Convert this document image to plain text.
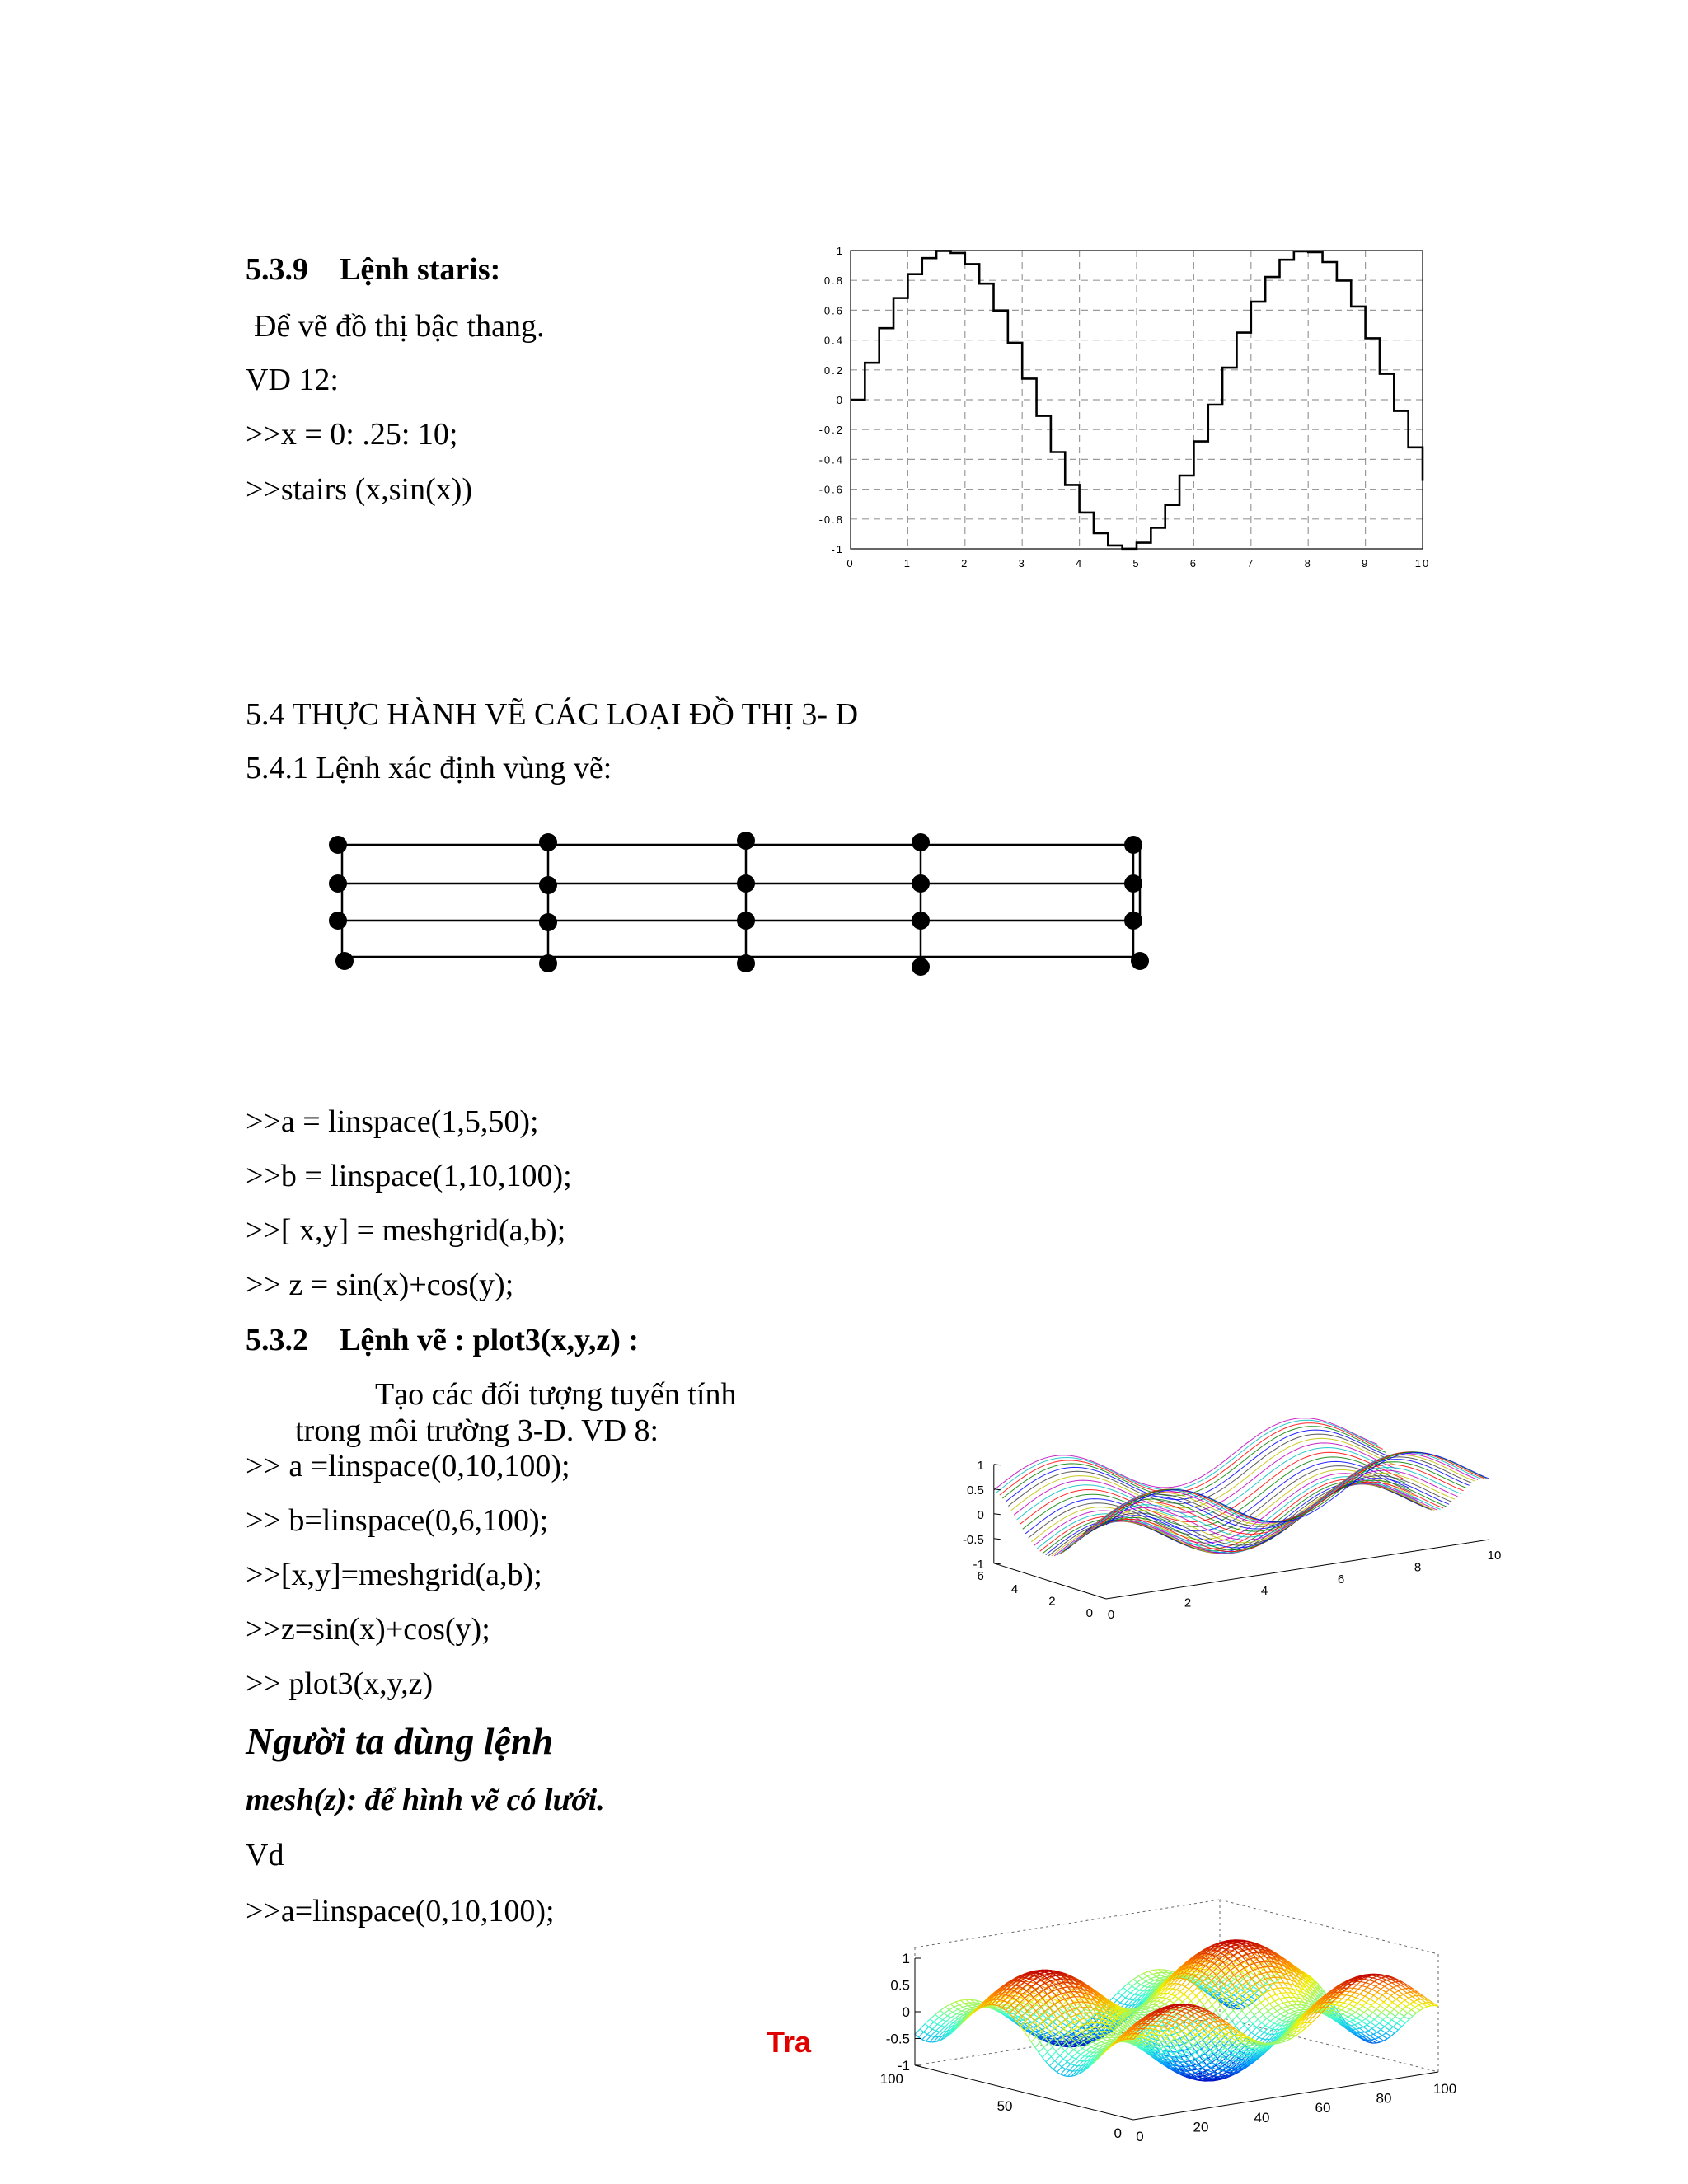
5.3.9 Lệnh staris:
Để vẽ đồ thị bậc thang.
VD 12:
>>x = 0: .25: 10;
>>stairs (x,sin(x))
0	1	2	3	4	5	6	7	8	9	10
1
0.8
0.6
0.4
0.2
0
-0.2
-0.4
-0.6
-0.8
-1
5.4 THỰC HÀNH VẼ CÁC LOẠI ĐỒ THỊ 3- D
5.4.1 Lệnh xác định vùng vẽ:
>>a = linspace(1,5,50);
>>b = linspace(1,10,100);
>>[ x,y] = meshgrid(a,b);
>> z = sin(x)+cos(y);
5.3.2 Lệnh vẽ : plot3(x,y,z) :
Tạo các đối tượng tuyến tính
trong môi trường 3-D. VD 8:
>> a =linspace(0,10,100);
>> b=linspace(0,6,100);
>>[x,y]=meshgrid(a,b);
>>z=sin(x)+cos(y);
>> plot3(x,y,z)
1
0.5
0
-0.5
-1
0
2
4
6
8
10
0
2
4
6
Người ta dùng lệnh
mesh(z): để hình vẽ có lưới.
Vd
>>a=linspace(0,10,100);
Tra
1
0.5
0
-0.5
-1
0
20
40
60
80
100
0
50
100
